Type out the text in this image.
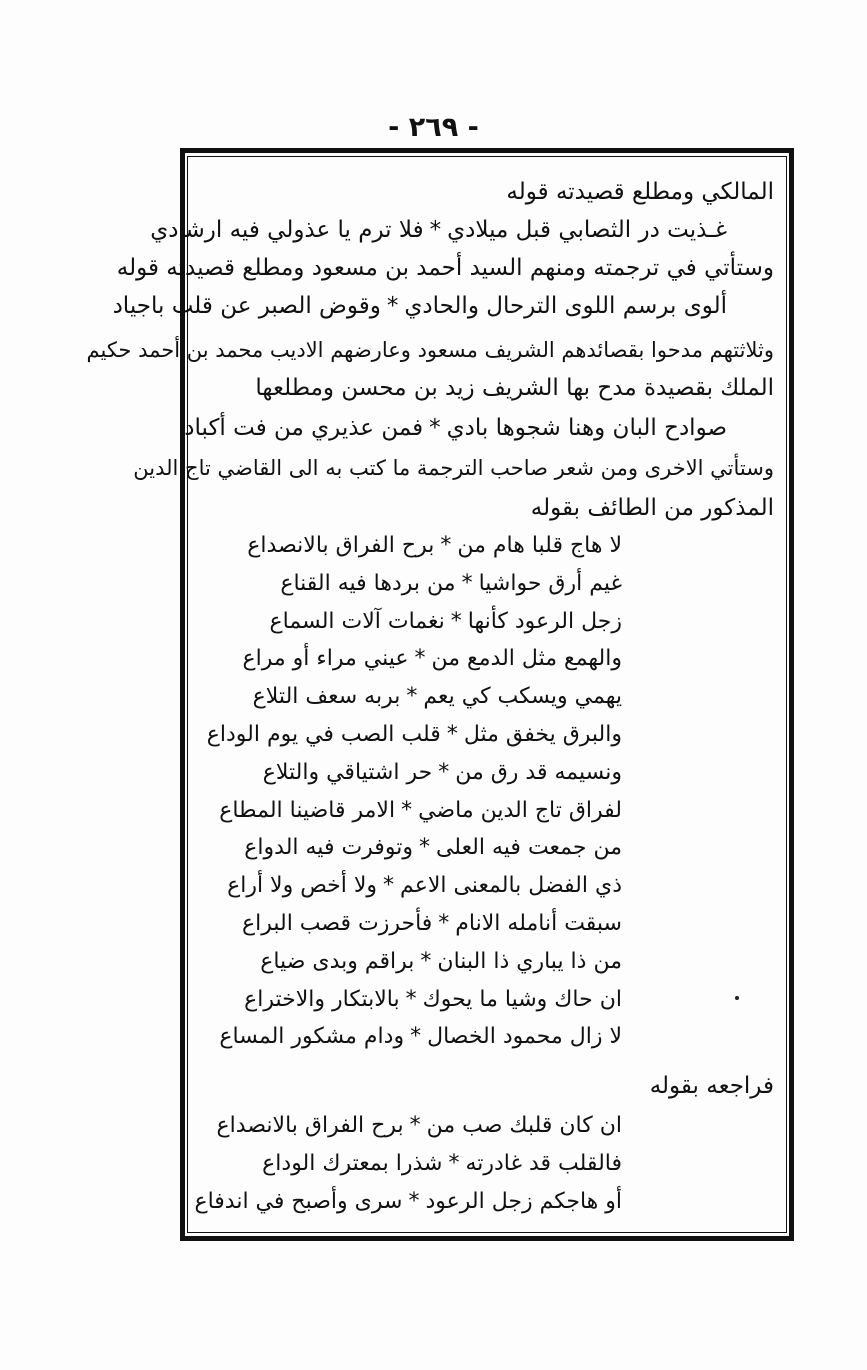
- ٢٦٩ -
المالكي ومطلع قصيدته قوله
غـذيت در الثصابي قبل ميلادي
*
فلا ترم يا عذولي فيه ارشادي
وستأتي في ترجمته ومنهم السيد أحمد بن مسعود ومطلع قصيدته قوله
ألوى برسم اللوى الترحال والحادي
*
وقوض الصبر عن قلب باجياد
وثلاثتهم مدحوا بقصائدهم الشريف مسعود وعارضهم الاديب محمد بن أحمد حكيم
الملك بقصيدة مدح بها الشريف زيد بن محسن ومطلعها
صوادح البان وهنا شجوها بادي
*
فمن عذيري من فت أكباد
وستأتي الاخرى ومن شعر صاحب الترجمة ما كتب به الى القاضي تاج الدين
المذكور من الطائف بقوله
لا هاج قلبا هام من*برح الفراق بالانصداع
غيم أرق حواشيا*من بردها فيه القناع
زجل الرعود كأنها*نغمات آلات السماع
والهمع مثل الدمع من*عيني مراء أو مراع
يهمي ويسكب كي يعم*بربه سعف التلاع
والبرق يخفق مثل*قلب الصب في يوم الوداع
ونسيمه قد رق من*حر اشتياقي والتلاع
لفراق تاج الدين ماضي*الامر قاضينا المطاع
من جمعت فيه العلى*وتوفرت فيه الدواع
ذي الفضل بالمعنى الاعم*ولا أخص ولا أراع
سبقت أنامله الانام*فأحرزت قصب البراع
من ذا يباري ذا البنان*براقم وبدى ضياع
ان حاك وشيا ما يحوك*بالابتكار والاختراع
لا زال محمود الخصال*ودام مشكور المساع
فراجعه بقوله
ان كان قلبك صب من*برح الفراق بالانصداع
فالقلب قد غادرته*شذرا بمعترك الوداع
أو هاجكم زجل الرعود*سرى وأصبح في اندفاع
